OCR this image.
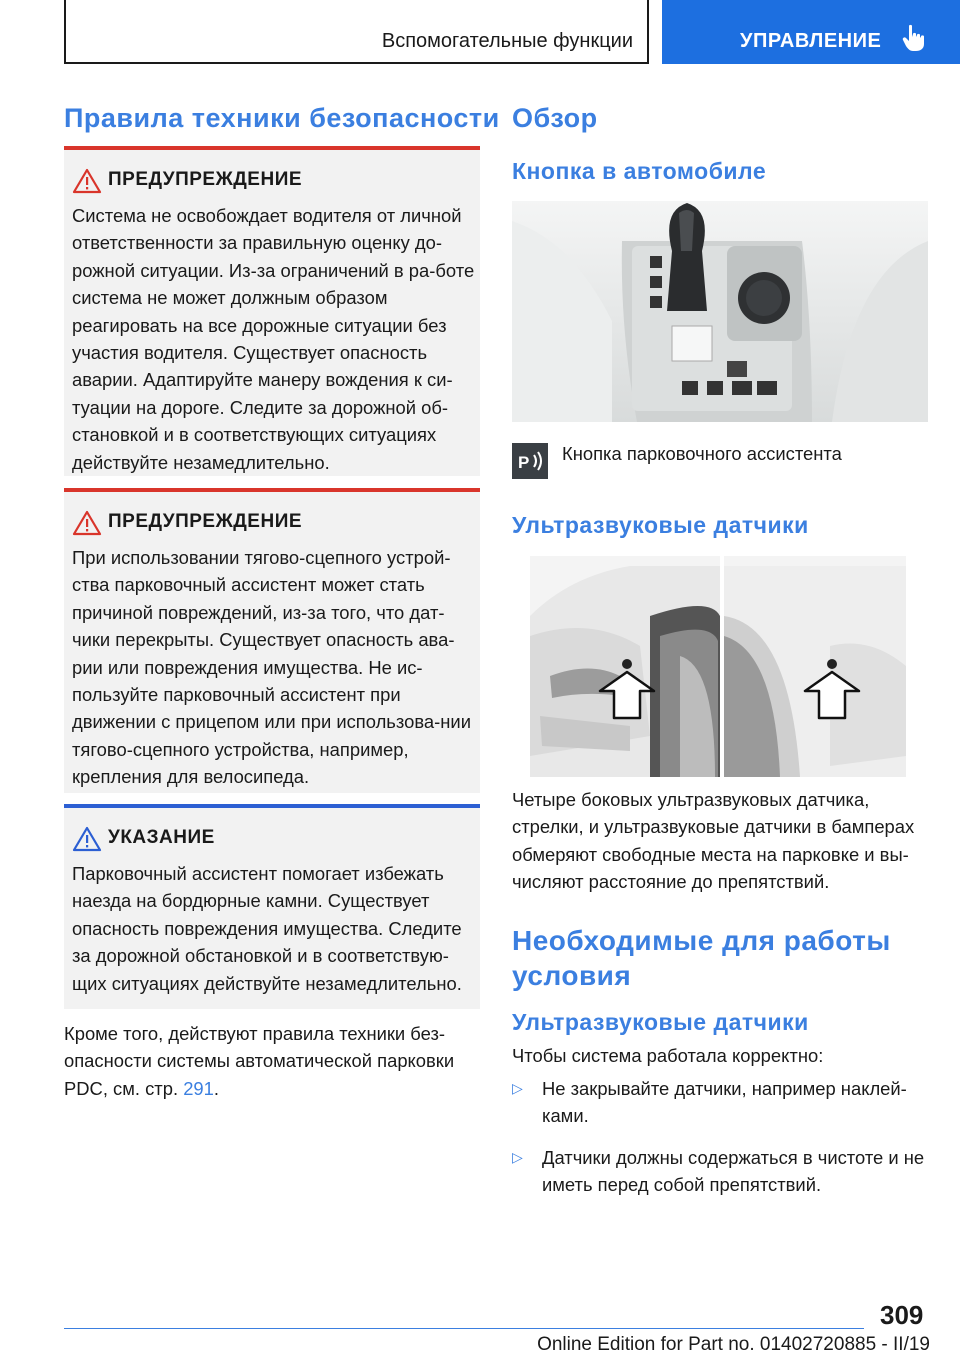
Вспомогательные функции	УПРАВЛЕНИЕ
Правила техники безопасности
ПРЕДУПРЕЖДЕНИЕ
Система не освобождает водителя от личной ответственности за правильную оценку до-рожной ситуации. Из-за ограничений в ра-боте система не может должным образом реагировать на все дорожные ситуации без участия водителя. Существует опасность аварии. Адаптируйте манеру вождения к си-туации на дороге. Следите за дорожной об-становкой и в соответствующих ситуациях действуйте незамедлительно.
ПРЕДУПРЕЖДЕНИЕ
При использовании тягово-сцепного устрой-ства парковочный ассистент может стать причиной повреждений, из-за того, что дат-чики перекрыты. Существует опасность ава-рии или повреждения имущества. Не ис-пользуйте парковочный ассистент при движении с прицепом или при использова-нии тягово-сцепного устройства, например, крепления для велосипеда.
УКАЗАНИЕ
Парковочный ассистент помогает избежать наезда на бордюрные камни. Существует опасность повреждения имущества. Следите за дорожной обстановкой и в соответствую-щих ситуациях действуйте незамедлительно.
Кроме того, действуют правила техники без-опасности системы автоматической парковки PDC, см. стр. 291.
Обзор
Кнопка в автомобиле
P Кнопка парковочного ассистента
Ультразвуковые датчики
Четыре боковых ультразвуковых датчика, стрелки, и ультразвуковые датчики в бамперах обмеряют свободные места на парковке и вы-числяют расстояние до препятствий.
Необходимые для работы
условия
Ультразвуковые датчики
Чтобы система работала корректно:
▷ Не закрывайте датчики, например наклей-ками.
▷ Датчики должны содержаться в чистоте и не иметь перед собой препятствий.
309
Online Edition for Part no. 01402720885 - II/19
